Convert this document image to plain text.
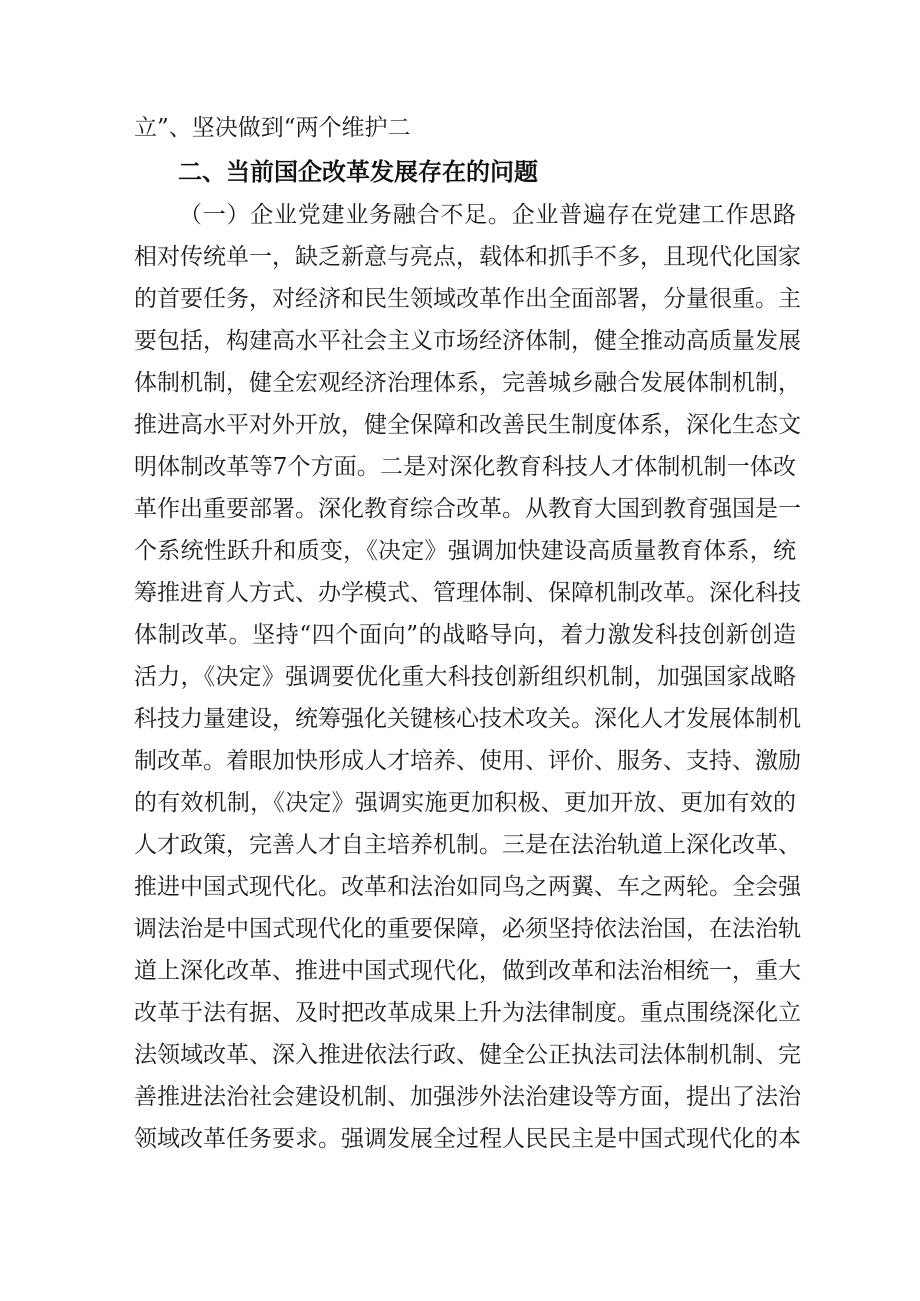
立”、坚决做到“两个维护二
二、当前国企改革发展存在的问题
（一）企业党建业务融合不足。企业普遍存在党建工作思路
相对传统单一，缺乏新意与亮点，载体和抓手不多，且现代化国家
的首要任务，对经济和民生领域改革作出全面部署，分量很重。主
要包括，构建高水平社会主义市场经济体制，健全推动高质量发展
体制机制，健全宏观经济治理体系，完善城乡融合发展体制机制，
推进高水平对外开放，健全保障和改善民生制度体系，深化生态文
明体制改革等7个方面。二是对深化教育科技人才体制机制一体改
革作出重要部署。深化教育综合改革。从教育大国到教育强国是一
个系统性跃升和质变，《决定》强调加快建设高质量教育体系，统
筹推进育人方式、办学模式、管理体制、保障机制改革。深化科技
体制改革。坚持“四个面向”的战略导向，着力激发科技创新创造
活力，《决定》强调要优化重大科技创新组织机制，加强国家战略
科技力量建设，统筹强化关键核心技术攻关。深化人才发展体制机
制改革。着眼加快形成人才培养、使用、评价、服务、支持、激励
的有效机制，《决定》强调实施更加积极、更加开放、更加有效的
人才政策，完善人才自主培养机制。三是在法治轨道上深化改革、
推进中国式现代化。改革和法治如同鸟之两翼、车之两轮。全会强
调法治是中国式现代化的重要保障，必须坚持依法治国，在法治轨
道上深化改革、推进中国式现代化，做到改革和法治相统一，重大
改革于法有据、及时把改革成果上升为法律制度。重点围绕深化立
法领域改革、深入推进依法行政、健全公正执法司法体制机制、完
善推进法治社会建设机制、加强涉外法治建设等方面，提出了法治
领域改革任务要求。强调发展全过程人民民主是中国式现代化的本
